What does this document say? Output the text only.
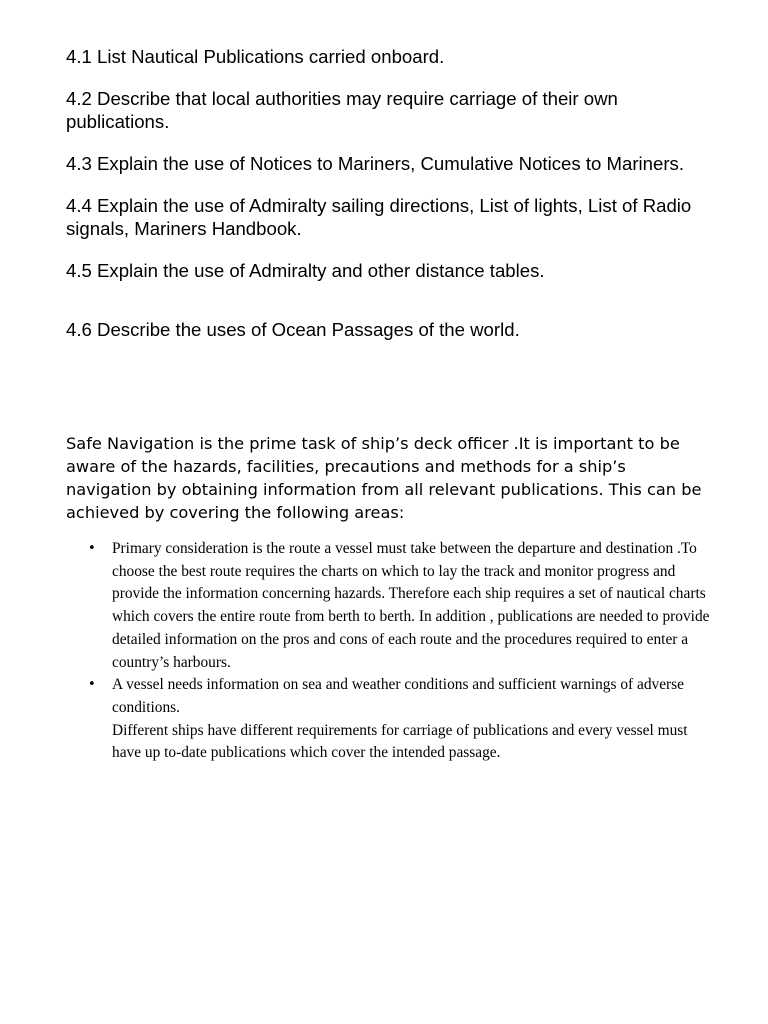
4.1 List Nautical Publications carried onboard.

4.2 Describe that local authorities may require carriage of their own publications.

4.3 Explain the use of Notices to Mariners, Cumulative Notices to Mariners.

4.4 Explain the use of Admiralty sailing directions, List of lights, List of Radio signals, Mariners Handbook.

4.5 Explain the use of Admiralty and other distance tables.

4.6 Describe the uses of Ocean Passages of the world.

Safe Navigation is the prime task of ship’s deck officer .It is important to be aware of the hazards, facilities, precautions and methods for a ship’s navigation by obtaining information from all relevant publications. This can be achieved by covering the following areas:

• Primary consideration is the route a vessel must take between the departure and destination .To choose the best route requires the charts on which to lay the track and monitor progress and provide the information concerning hazards. Therefore each ship requires a set of nautical charts which covers the entire route from berth to berth. In addition , publications are needed to provide detailed information on the pros and cons of each route and the procedures required to enter a country’s harbours.
• A vessel needs information on sea and weather conditions and sufficient warnings of adverse conditions.
Different ships have different requirements for carriage of publications and every vessel must have up to-date publications which cover the intended passage.
